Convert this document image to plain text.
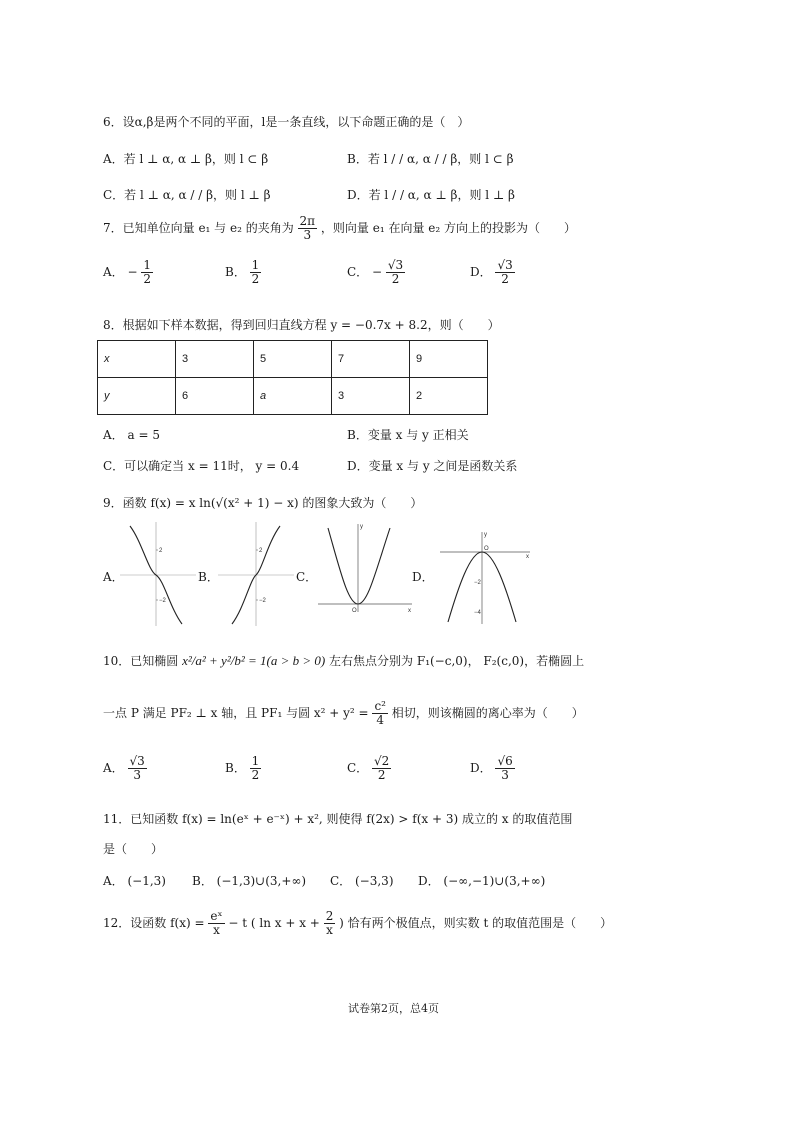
6．设α,β是两个不同的平面，l是一条直线，以下命题正确的是（　）
A．若 l ⊥ α, α ⊥ β，则 l ⊂ β	B．若 l / / α, α / / β，则 l ⊂ β
C．若 l ⊥ α, α / / β，则 l ⊥ β	D．若 l / / α, α ⊥ β，则 l ⊥ β
7．已知单位向量 e₁ 与 e₂ 的夹角为 $\frac{2\pi}{3}$ ，则向量 e₁ 在向量 e₂ 方向上的投影为（　　）
A． − $\frac{1}{2}$	B． $\frac{1}{2}$	C． − $\frac{√3}{2}$	D． $\frac{√3}{2}$
8．根据如下样本数据，得到回归直线方程 y = −0.7x + 8.2，则（　　）
x	3	5	7	9
y	6	a	3	2
A． a = 5	B．变量 x 与 y 正相关
C．可以确定当 x = 11时， y = 0.4	D．变量 x 与 y 之间是函数关系
9．函数 f(x) = x ln(√(x² + 1) − x) 的图象大致为（　　）
A．
2
−2
B．
2
−2
C．
y
x
O
D．
y
x
O
−2
−4
10．已知椭圆 x²/a² + y²/b² = 1(a > b > 0) 左右焦点分别为 F₁(−c,0)， F₂(c,0)，若椭圆上
一点 P 满足 PF₂ ⊥ x 轴，且 PF₁ 与圆 $x^2 + y^2 = \frac{\text{c²}}{4}$ 相切，则该椭圆的离心率为（　　）
A． $\frac{√3}{3}$	B． $\frac{1}{2}$	C． $\frac{√2}{2}$	D． $\frac{√6}{3}$
11．已知函数 f(x) = ln(eˣ + e⁻ˣ) + x², 则使得 f(2x) > f(x + 3) 成立的 x 的取值范围
是（　　）
A． (−1,3) B． (−1,3)∪(3,+∞) C． (−3,3) D． (−∞,−1)∪(3,+∞)
12．设函数 $f(x) = \frac{\text{eˣ}}{x} - t$ ( $\ln x + x + \frac{2}{x}$ ) 恰有两个极值点，则实数 t 的取值范围是（　　）
试卷第2页，总4页
